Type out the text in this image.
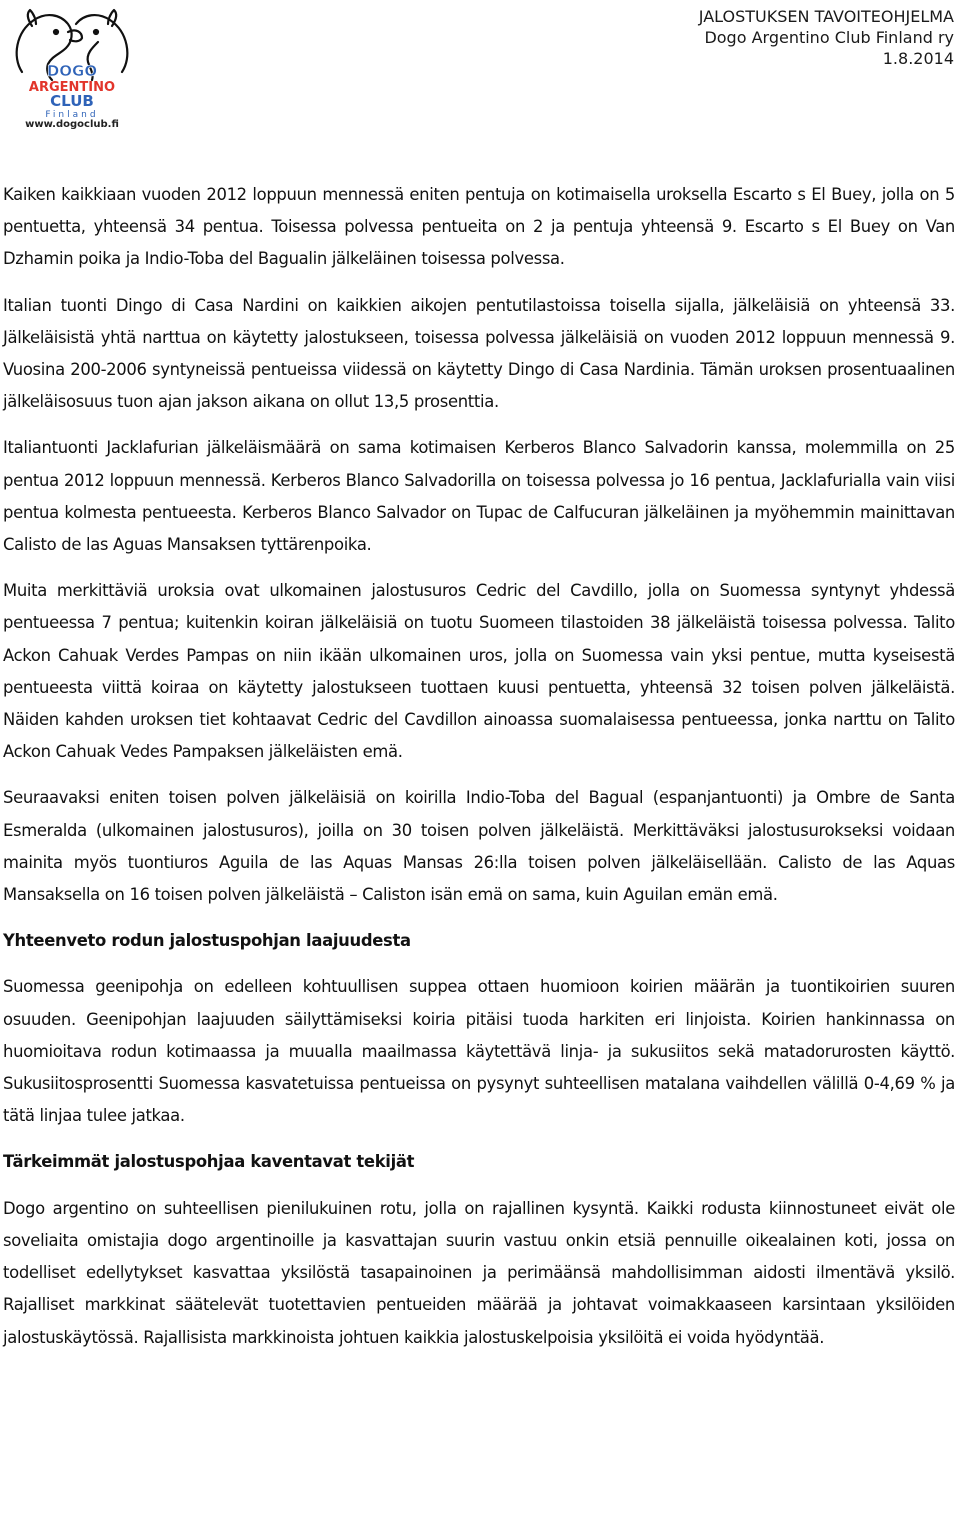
DOGO
ARGENTINO
CLUB
Finland
www.dogoclub.fi
JALOSTUKSEN TAVOITEOHJELMA
Dogo Argentino Club Finland ry
1.8.2014

Kaiken kaikkiaan vuoden 2012 loppuun mennessä eniten pentuja on kotimaisella uroksella Escarto s El Buey, jolla on 5 pentuetta, yhteensä 34 pentua. Toisessa polvessa pentueita on 2 ja pentuja yhteensä 9. Escarto s El Buey on Van Dzhamin poika ja Indio-Toba del Bagualin jälkeläinen toisessa polvessa.

Italian tuonti Dingo di Casa Nardini on kaikkien aikojen pentutilastoissa toisella sijalla, jälkeläisiä on yhteensä 33. Jälkeläisistä yhtä narttua on käytetty jalostukseen, toisessa polvessa jälkeläisiä on vuoden 2012 loppuun mennessä 9. Vuosina 200-2006 syntyneissä pentueissa viidessä on käytetty Dingo di Casa Nardinia. Tämän uroksen prosentuaalinen jälkeläisosuus tuon ajan jakson aikana on ollut 13,5 prosenttia.

Italiantuonti Jacklafurian jälkeläismäärä on sama kotimaisen Kerberos Blanco Salvadorin kanssa, molemmilla on 25 pentua 2012 loppuun mennessä. Kerberos Blanco Salvadorilla on toisessa polvessa jo 16 pentua, Jacklafurialla vain viisi pentua kolmesta pentueesta. Kerberos Blanco Salvador on Tupac de Calfucuran jälkeläinen ja myöhemmin mainittavan Calisto de las Aguas Mansaksen tyttärenpoika.

Muita merkittäviä uroksia ovat ulkomainen jalostusuros Cedric del Cavdillo, jolla on Suomessa syntynyt yhdessä pentueessa 7 pentua; kuitenkin koiran jälkeläisiä on tuotu Suomeen tilastoiden 38 jälkeläistä toisessa polvessa. Talito Ackon Cahuak Verdes Pampas on niin ikään ulkomainen uros, jolla on Suomessa vain yksi pentue, mutta kyseisestä pentueesta viittä koiraa on käytetty jalostukseen tuottaen kuusi pentuetta, yhteensä 32 toisen polven jälkeläistä. Näiden kahden uroksen tiet kohtaavat Cedric del Cavdillon ainoassa suomalaisessa pentueessa, jonka narttu on Talito Ackon Cahuak Vedes Pampaksen jälkeläisten emä.

Seuraavaksi eniten toisen polven jälkeläisiä on koirilla Indio-Toba del Bagual (espanjantuonti) ja Ombre de Santa Esmeralda (ulkomainen jalostusuros), joilla on 30 toisen polven jälkeläistä. Merkittäväksi jalostusurokseksi voidaan mainita myös tuontiuros Aguila de las Aquas Mansas 26:lla toisen polven jälkeläisellään. Calisto de las Aquas Mansaksella on 16 toisen polven jälkeläistä – Caliston isän emä on sama, kuin Aguilan emän emä.

Yhteenveto rodun jalostuspohjan laajuudesta

Suomessa geenipohja on edelleen kohtuullisen suppea ottaen huomioon koirien määrän ja tuontikoirien suuren osuuden. Geenipohjan laajuuden säilyttämiseksi koiria pitäisi tuoda harkiten eri linjoista. Koirien hankinnassa on huomioitava rodun kotimaassa ja muualla maailmassa käytettävä linja- ja sukusiitos sekä matadorurosten käyttö. Sukusiitosprosentti Suomessa kasvatetuissa pentueissa on pysynyt suhteellisen matalana vaihdellen välillä 0-4,69 % ja tätä linjaa tulee jatkaa.

Tärkeimmät jalostuspohjaa kaventavat tekijät

Dogo argentino on suhteellisen pienilukuinen rotu, jolla on rajallinen kysyntä. Kaikki rodusta kiinnostuneet eivät ole soveliaita omistajia dogo argentinoille ja kasvattajan suurin vastuu onkin etsiä pennuille oikealainen koti, jossa on todelliset edellytykset kasvattaa yksilöstä tasapainoinen ja perimäänsä mahdollisimman aidosti ilmentävä yksilö. Rajalliset markkinat säätelevät tuotettavien pentueiden määrää ja johtavat voimakkaaseen karsintaan yksilöiden jalostuskäytössä. Rajallisista markkinoista johtuen kaikkia jalostuskelpoisia yksilöitä ei voida hyödyntää.
